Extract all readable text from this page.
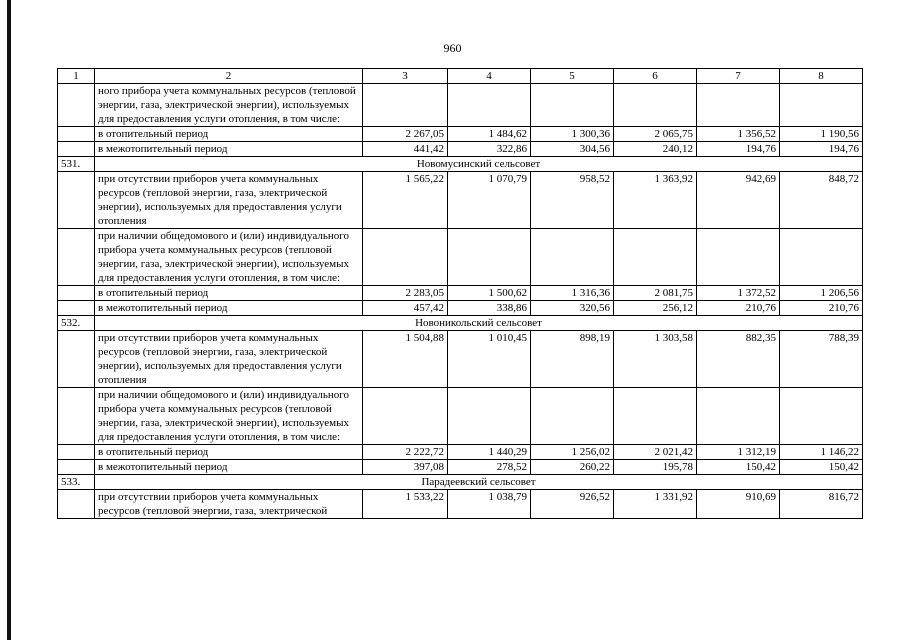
960
1	2	3	4	5	6	7	8
	ного прибора учета коммунальных ресурсов (тепловой энергии, газа, электрической энергии), используемых для предоставления услуги отопления, в том числе:						
	в отопительный период	2 267,05	1 484,62	1 300,36	2 065,75	1 356,52	1 190,56
	в межотопительный период	441,42	322,86	304,56	240,12	194,76	194,76
531.	Новомусинский сельсовет						
	при отсутствии приборов учета коммунальных ресурсов (тепловой энергии, газа, электрической энергии), используемых для предоставления услуги отопления	1 565,22	1 070,79	958,52	1 363,92	942,69	848,72
	при наличии общедомового и (или) индивидуального прибора учета коммунальных ресурсов (тепловой энергии, газа, электрической энергии), используемых для предоставления услуги отопления, в том числе:						
	в отопительный период	2 283,05	1 500,62	1 316,36	2 081,75	1 372,52	1 206,56
	в межотопительный период	457,42	338,86	320,56	256,12	210,76	210,76
532.	Новоникольский сельсовет						
	при отсутствии приборов учета коммунальных ресурсов (тепловой энергии, газа, электрической энергии), используемых для предоставления услуги отопления	1 504,88	1 010,45	898,19	1 303,58	882,35	788,39
	при наличии общедомового и (или) индивидуального прибора учета коммунальных ресурсов (тепловой энергии, газа, электрической энергии), используемых для предоставления услуги отопления, в том числе:						
	в отопительный период	2 222,72	1 440,29	1 256,02	2 021,42	1 312,19	1 146,22
	в межотопительный период	397,08	278,52	260,22	195,78	150,42	150,42
533.	Парадеевский сельсовет						
	при отсутствии приборов учета коммунальных ресурсов (тепловой энергии, газа, электрической	1 533,22	1 038,79	926,52	1 331,92	910,69	816,72
